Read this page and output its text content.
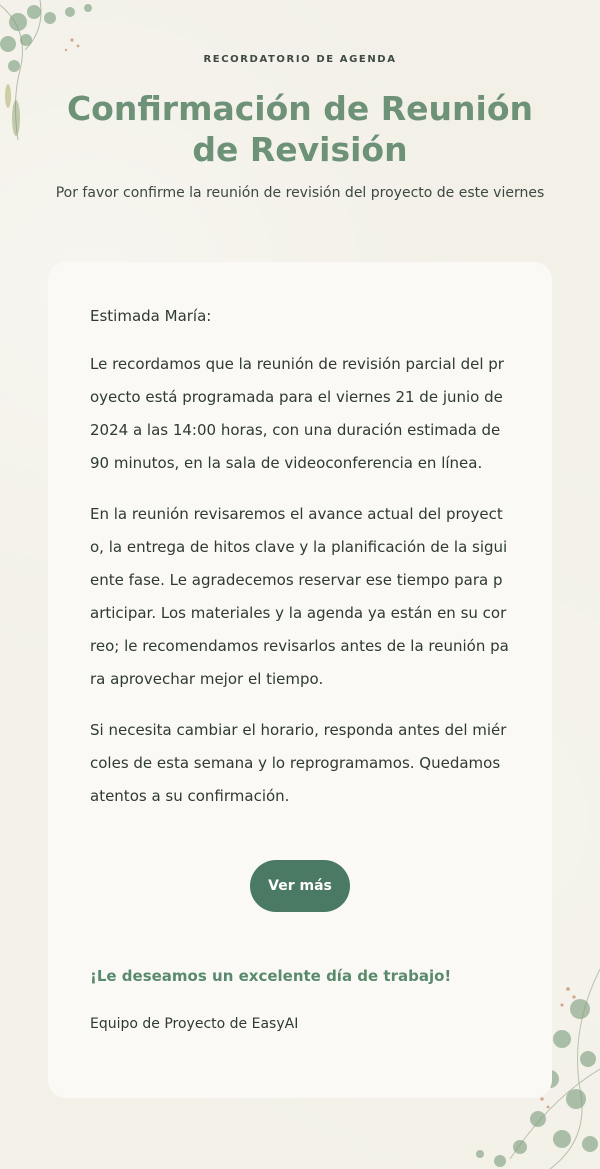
RECORDATORIO DE AGENDA
Confirmación de Reunión de Revisión
Por favor confirme la reunión de revisión del proyecto de este viernes

Estimada María:

Le recordamos que la reunión de revisión parcial del proyecto está programada para el viernes 21 de junio de 2024 a las 14:00 horas, con una duración estimada de 90 minutos, en la sala de videoconferencia en línea.

En la reunión revisaremos el avance actual del proyecto, la entrega de hitos clave y la planificación de la siguiente fase. Le agradecemos reservar ese tiempo para participar. Los materiales y la agenda ya están en su correo; le recomendamos revisarlos antes de la reunión para aprovechar mejor el tiempo.

Si necesita cambiar el horario, responda antes del miércoles de esta semana y lo reprogramamos. Quedamos atentos a su confirmación.

Ver más
¡Le deseamos un excelente día de trabajo!
Equipo de Proyecto de EasyAI
